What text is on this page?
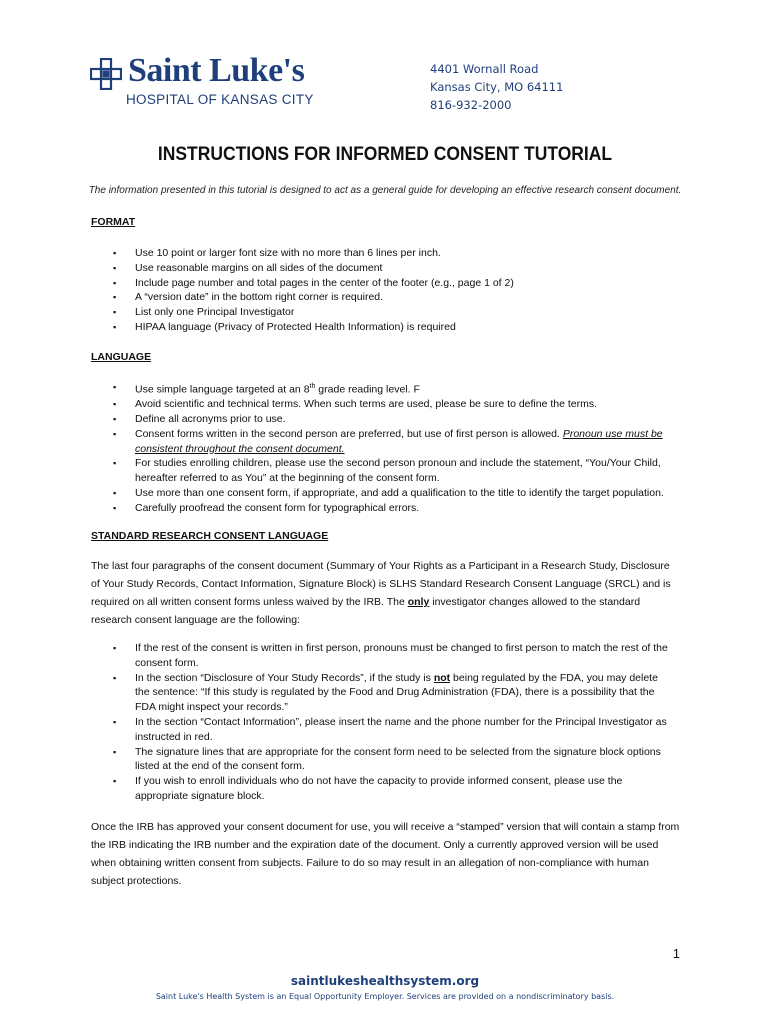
Saint Luke's
HOSPITAL OF KANSAS CITY
4401 Wornall Road
Kansas City, MO 64111
816-932-2000
INSTRUCTIONS FOR INFORMED CONSENT TUTORIAL
The information presented in this tutorial is designed to act as a general guide for developing an effective research consent document.
FORMAT
▪ Use 10 point or larger font size with no more than 6 lines per inch.
▪ Use reasonable margins on all sides of the document
▪ Include page number and total pages in the center of the footer (e.g., page 1 of 2)
▪ A “version date” in the bottom right corner is required.
▪ List only one Principal Investigator
▪ HIPAA language (Privacy of Protected Health Information) is required
LANGUAGE
▪ Use simple language targeted at an 8th grade reading level. F
▪ Avoid scientific and technical terms. When such terms are used, please be sure to define the terms.
▪ Define all acronyms prior to use.
▪ Consent forms written in the second person are preferred, but use of first person is allowed. Pronoun use must be consistent throughout the consent document.
▪ For studies enrolling children, please use the second person pronoun and include the statement, “You/Your Child, hereafter referred to as You” at the beginning of the consent form.
▪ Use more than one consent form, if appropriate, and add a qualification to the title to identify the target population.
▪ Carefully proofread the consent form for typographical errors.
STANDARD RESEARCH CONSENT LANGUAGE
The last four paragraphs of the consent document (Summary of Your Rights as a Participant in a Research Study, Disclosure of Your Study Records, Contact Information, Signature Block) is SLHS Standard Research Consent Language (SRCL) and is required on all written consent forms unless waived by the IRB. The only investigator changes allowed to the standard research consent language are the following:
▪ If the rest of the consent is written in first person, pronouns must be changed to first person to match the rest of the consent form.
▪ In the section “Disclosure of Your Study Records”, if the study is not being regulated by the FDA, you may delete the sentence: “If this study is regulated by the Food and Drug Administration (FDA), there is a possibility that the FDA might inspect your records.”
▪ In the section “Contact Information”, please insert the name and the phone number for the Principal Investigator as instructed in red.
▪ The signature lines that are appropriate for the consent form need to be selected from the signature block options listed at the end of the consent form.
▪ If you wish to enroll individuals who do not have the capacity to provide informed consent, please use the appropriate signature block.
Once the IRB has approved your consent document for use, you will receive a “stamped” version that will contain a stamp from the IRB indicating the IRB number and the expiration date of the document. Only a currently approved version will be used when obtaining written consent from subjects. Failure to do so may result in an allegation of non-compliance with human subject protections.
1
saintlukeshealthsystem.org
Saint Luke's Health System is an Equal Opportunity Employer. Services are provided on a nondiscriminatory basis.
